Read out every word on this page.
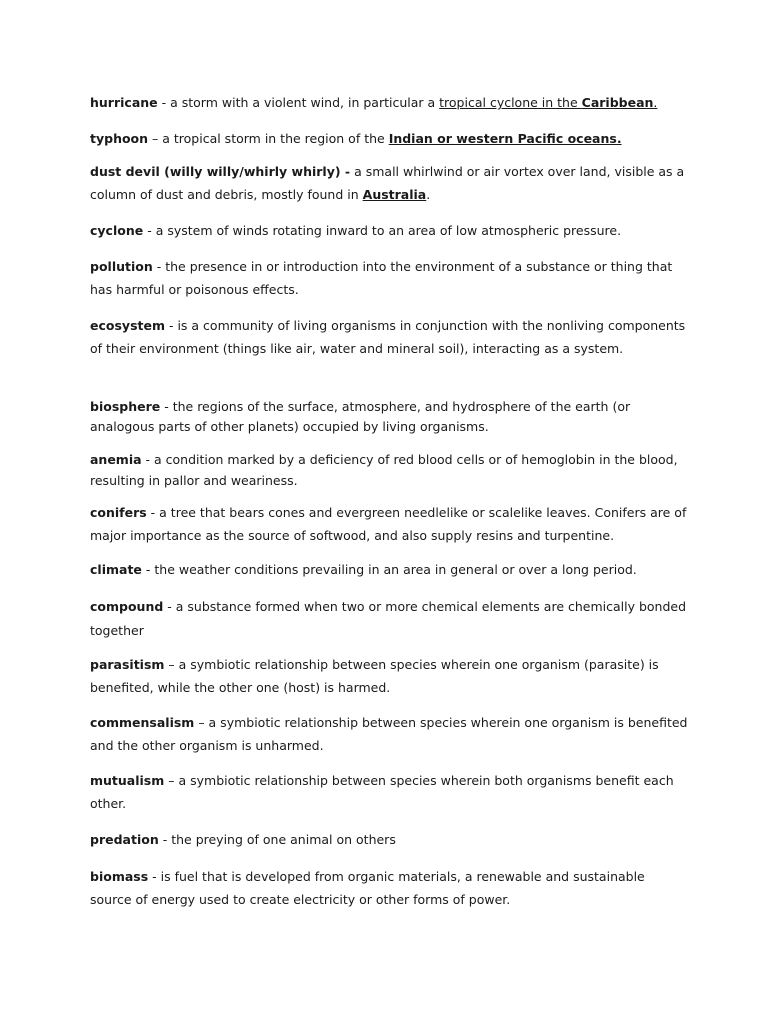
hurricane - a storm with a violent wind, in particular a tropical cyclone in the Caribbean.
typhoon – a tropical storm in the region of the Indian or western Pacific oceans.
dust devil (willy willy/whirly whirly) - a small whirlwind or air vortex over land, visible as a column of dust and debris, mostly found in Australia.
cyclone - a system of winds rotating inward to an area of low atmospheric pressure.
pollution - the presence in or introduction into the environment of a substance or thing that has harmful or poisonous effects.
ecosystem - is a community of living organisms in conjunction with the nonliving components of their environment (things like air, water and mineral soil), interacting as a system.
biosphere - the regions of the surface, atmosphere, and hydrosphere of the earth (or analogous parts of other planets) occupied by living organisms.
anemia - a condition marked by a deficiency of red blood cells or of hemoglobin in the blood, resulting in pallor and weariness.
conifers - a tree that bears cones and evergreen needlelike or scalelike leaves. Conifers are of major importance as the source of softwood, and also supply resins and turpentine.
climate - the weather conditions prevailing in an area in general or over a long period.
compound - a substance formed when two or more chemical elements are chemically bonded together
parasitism – a symbiotic relationship between species wherein one organism (parasite) is benefited, while the other one (host) is harmed.
commensalism – a symbiotic relationship between species wherein one organism is benefited and the other organism is unharmed.
mutualism – a symbiotic relationship between species wherein both organisms benefit each other.
predation - the preying of one animal on others
biomass - is fuel that is developed from organic materials, a renewable and sustainable source of energy used to create electricity or other forms of power.
